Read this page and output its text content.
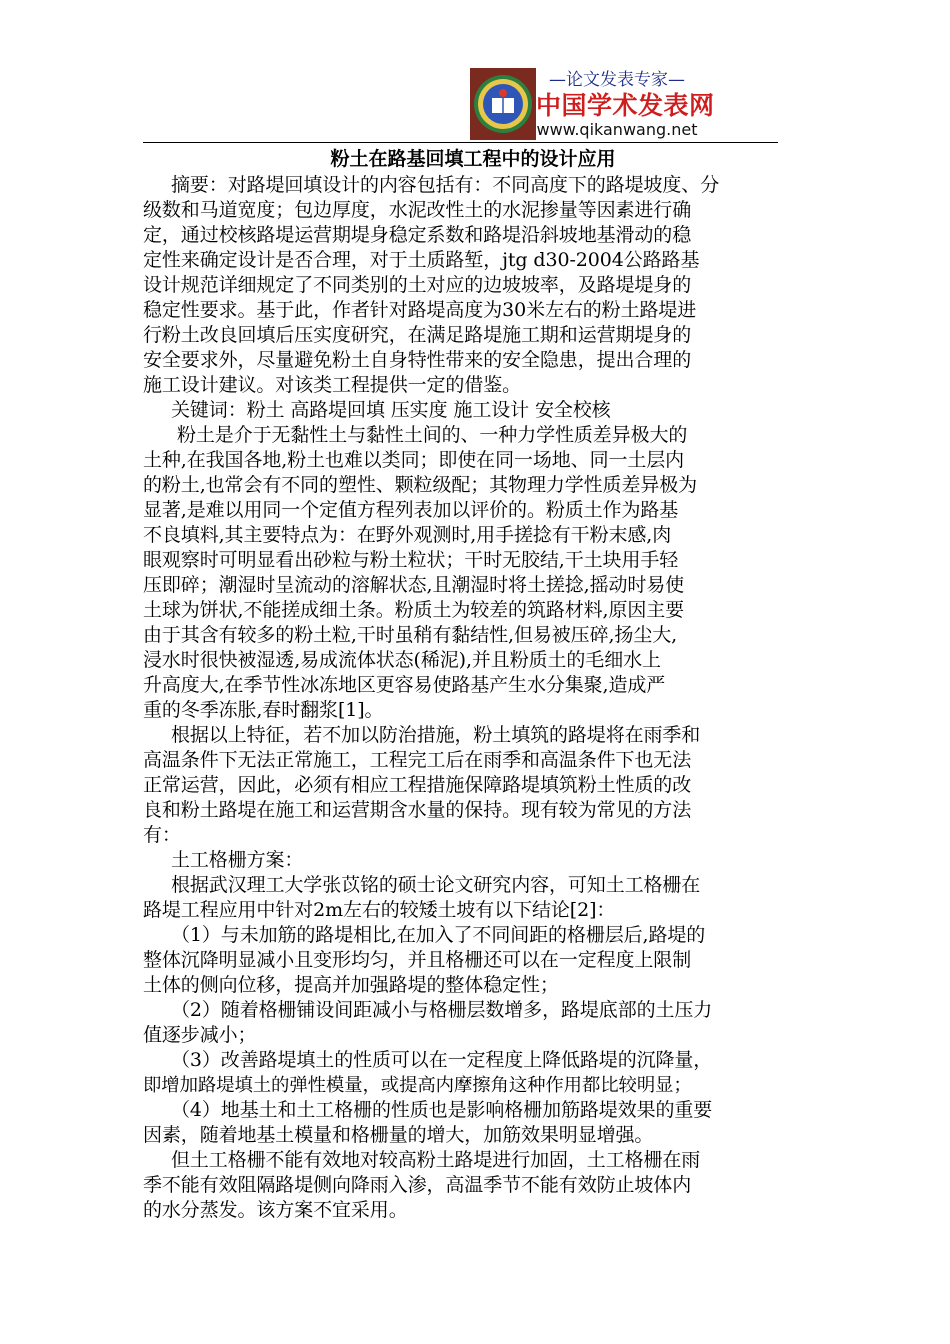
—论文发表专家—
中国学术发表网
www.qikanwang.net
粉土在路基回填工程中的设计应用

摘要：对路堤回填设计的内容包括有：不同高度下的路堤坡度、分

级数和马道宽度；包边厚度，水泥改性土的水泥掺量等因素进行确

定，通过校核路堤运营期堤身稳定系数和路堤沿斜坡地基滑动的稳

定性来确定设计是否合理，对于土质路堑，jtg d30-2004公路路基

设计规范详细规定了不同类别的土对应的边坡坡率，及路堤堤身的

稳定性要求。基于此，作者针对路堤高度为30米左右的粉土路堤进

行粉土改良回填后压实度研究，在满足路堤施工期和运营期堤身的

安全要求外，尽量避免粉土自身特性带来的安全隐患，提出合理的

施工设计建议。对该类工程提供一定的借鉴。

关键词：粉土 高路堤回填 压实度 施工设计 安全校核

粉土是介于无黏性土与黏性土间的、一种力学性质差异极大的

土种,在我国各地,粉土也难以类同；即使在同一场地、同一土层内

的粉土,也常会有不同的塑性、颗粒级配；其物理力学性质差异极为

显著,是难以用同一个定值方程列表加以评价的。粉质土作为路基

不良填料,其主要特点为：在野外观测时,用手搓捻有干粉末感,肉

眼观察时可明显看出砂粒与粉土粒状；干时无胶结,干土块用手轻

压即碎；潮湿时呈流动的溶解状态,且潮湿时将土搓捻,摇动时易使

土球为饼状,不能搓成细土条。粉质土为较差的筑路材料,原因主要

由于其含有较多的粉土粒,干时虽稍有黏结性,但易被压碎,扬尘大,

浸水时很快被湿透,易成流体状态(稀泥),并且粉质土的毛细水上

升高度大,在季节性冰冻地区更容易使路基产生水分集聚,造成严

重的冬季冻胀,春时翻浆[1]。

根据以上特征，若不加以防治措施，粉土填筑的路堤将在雨季和

高温条件下无法正常施工，工程完工后在雨季和高温条件下也无法

正常运营，因此，必须有相应工程措施保障路堤填筑粉土性质的改

良和粉土路堤在施工和运营期含水量的保持。现有较为常见的方法

有：

土工格栅方案：

根据武汉理工大学张苡铭的硕士论文研究内容，可知土工格栅在

路堤工程应用中针对2m左右的较矮土坡有以下结论[2]：

（1）与未加筋的路堤相比,在加入了不同间距的格栅层后,路堤的

整体沉降明显减小且变形均匀，并且格栅还可以在一定程度上限制

土体的侧向位移，提高并加强路堤的整体稳定性；

（2）随着格栅铺设间距减小与格栅层数增多，路堤底部的土压力

值逐步减小；

（3）改善路堤填土的性质可以在一定程度上降低路堤的沉降量，

即增加路堤填土的弹性模量，或提高内摩擦角这种作用都比较明显；

（4）地基土和土工格栅的性质也是影响格栅加筋路堤效果的重要

因素，随着地基土模量和格栅量的增大，加筋效果明显增强。

但土工格栅不能有效地对较高粉土路堤进行加固，土工格栅在雨

季不能有效阻隔路堤侧向降雨入渗，高温季节不能有效防止坡体内

的水分蒸发。该方案不宜采用。
